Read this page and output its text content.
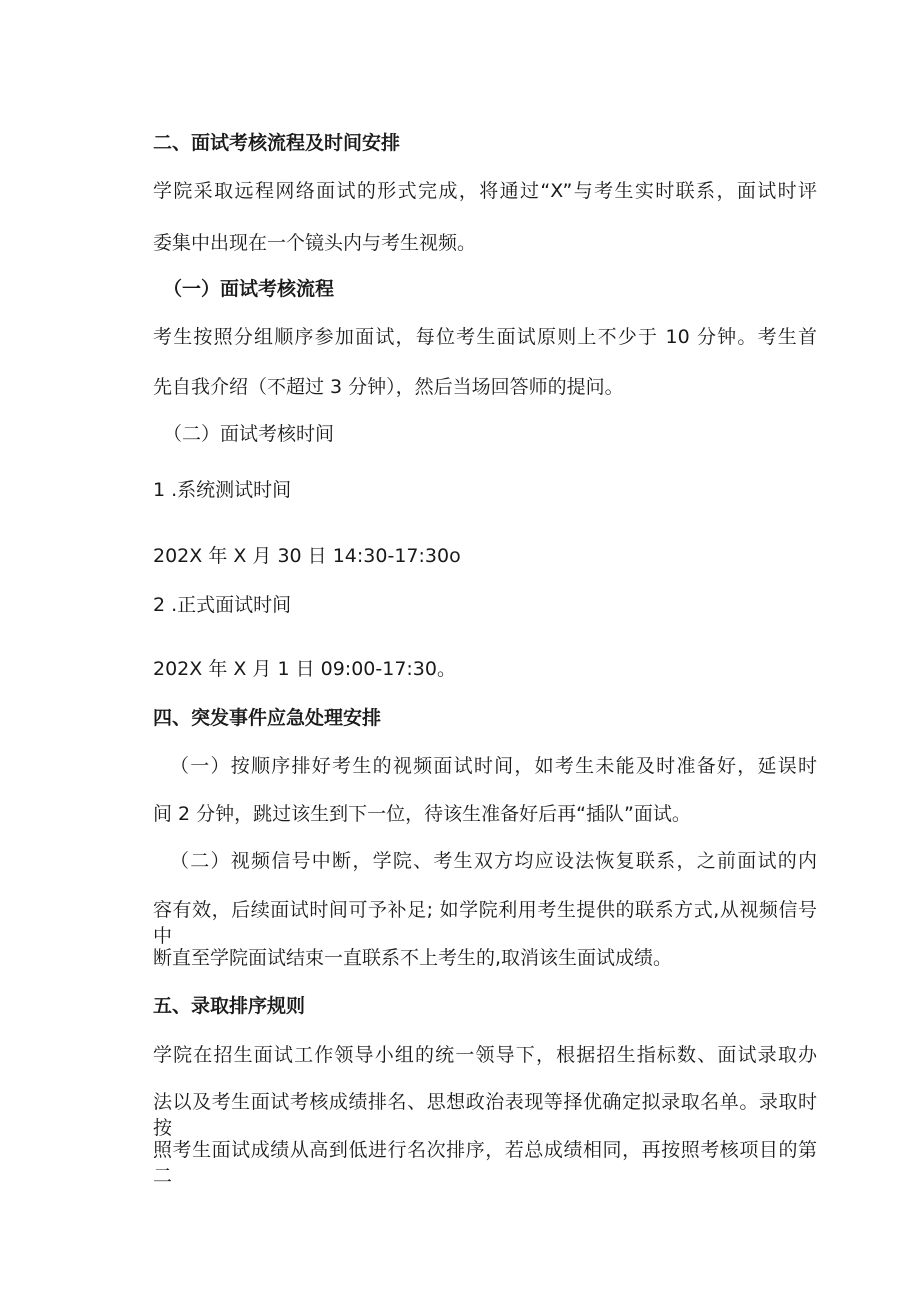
二、面试考核流程及时间安排
学院采取远程网络面试的形式完成，将通过“X”与考生实时联系，面试时评
委集中出现在一个镜头内与考生视频。
（一）面试考核流程
考生按照分组顺序参加面试，每位考生面试原则上不少于 10 分钟。考生首
先自我介绍（不超过 3 分钟），然后当场回答师的提问。
（二）面试考核时间
1 .系统测试时间
202X 年 X 月 30 日 14:30-17:30o
2 .正式面试时间
202X 年 X 月 1 日 09:00-17:30。
四、突发事件应急处理安排
（一）按顺序排好考生的视频面试时间，如考生未能及时准备好，延误时
间 2 分钟，跳过该生到下一位，待该生准备好后再“插队”面试。
（二）视频信号中断，学院、考生双方均应设法恢复联系，之前面试的内
容有效，后续面试时间可予补足; 如学院利用考生提供的联系方式,从视频信号中
断直至学院面试结束一直联系不上考生的,取消该生面试成绩。
五、录取排序规则
学院在招生面试工作领导小组的统一领导下，根据招生指标数、面试录取办
法以及考生面试考核成绩排名、思想政治表现等择优确定拟录取名单。录取时按
照考生面试成绩从高到低进行名次排序，若总成绩相同，再按照考核项目的第二
